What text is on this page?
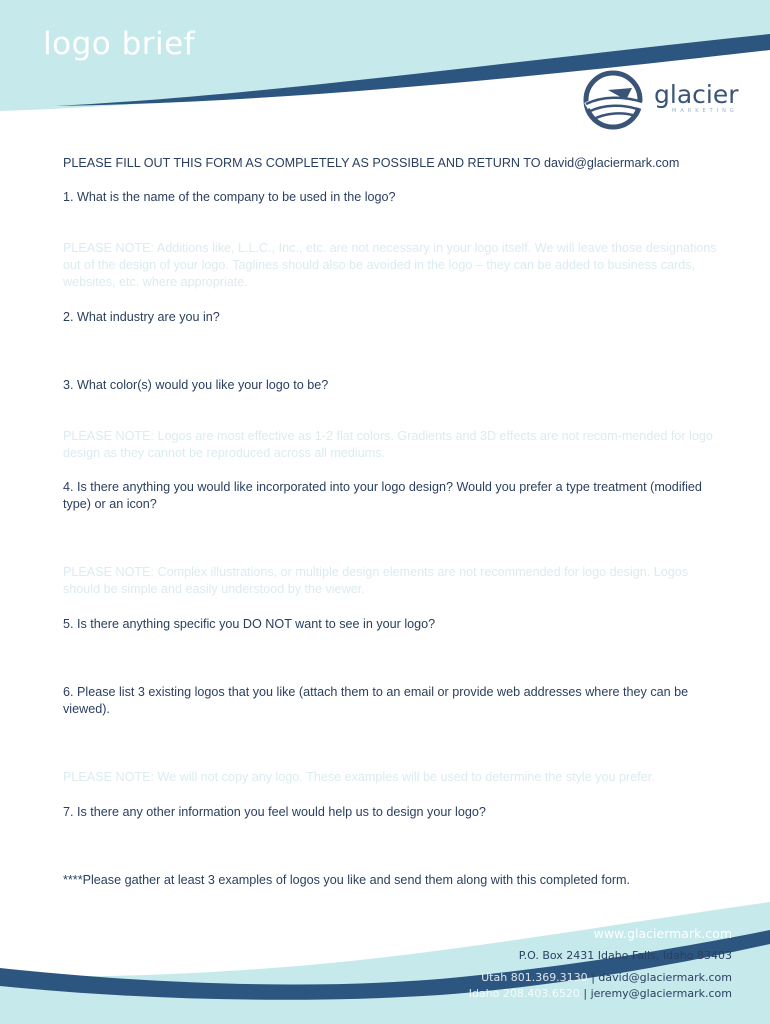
logo brief
glacier
MARKETING
PLEASE FILL OUT THIS FORM AS COMPLETELY AS POSSIBLE AND RETURN TO david@glaciermark.com
1. What is the name of the company to be used in the logo?
PLEASE NOTE: Additions like, L.L.C., Inc., etc. are not necessary in your logo itself. We will leave those designations out of the design of your logo. Taglines should also be avoided in the logo – they can be added to business cards, websites, etc. where appropriate.
2. What industry are you in?
3. What color(s) would you like your logo to be?
PLEASE NOTE: Logos are most effective as 1-2 flat colors. Gradients and 3D effects are not recom-mended for logo design as they cannot be reproduced across all mediums.
4. Is there anything you would like incorporated into your logo design? Would you prefer a type treatment (modified type) or an icon?
PLEASE NOTE: Complex illustrations, or multiple design elements are not recommended for logo design. Logos should be simple and easily understood by the viewer.
5. Is there anything specific you DO NOT want to see in your logo?
6. Please list 3 existing logos that you like (attach them to an email or provide web addresses where they can be viewed).
PLEASE NOTE: We will not copy any logo. These examples will be used to determine the style you prefer.
7. Is there any other information you feel would help us to design your logo?
****Please gather at least 3 examples of logos you like and send them along with this completed form.
www.glaciermark.com
P.O. Box 2431 Idaho Falls, Idaho 83403
Utah 801.369.3130 | david@glaciermark.com
Idaho 208.403.6520 | jeremy@glaciermark.com
